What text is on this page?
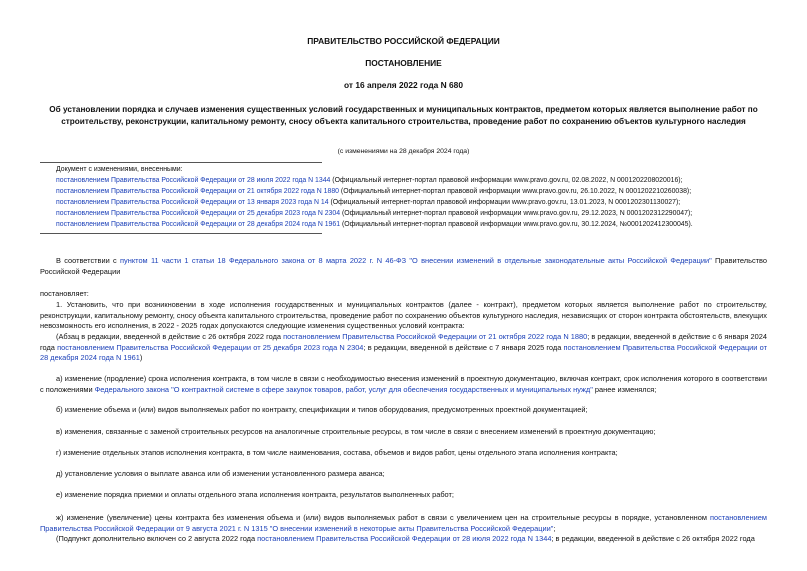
ПРАВИТЕЛЬСТВО РОССИЙСКОЙ ФЕДЕРАЦИИ
ПОСТАНОВЛЕНИЕ
от 16 апреля 2022 года N 680
Об установлении порядка и случаев изменения существенных условий государственных и муниципальных контрактов, предметом которых является выполнение работ по строительству, реконструкции, капитальному ремонту, сносу объекта капитального строительства, проведение работ по сохранению объектов культурного наследия
(с изменениями на 28 декабря 2024 года)
Документ с изменениями, внесенными:
постановлением Правительства Российской Федерации от 28 июля 2022 года N 1344 (Официальный интернет-портал правовой информации www.pravo.gov.ru, 02.08.2022, N 0001202208020016);
постановлением Правительства Российской Федерации от 21 октября 2022 года N 1880 (Официальный интернет-портал правовой информации www.pravo.gov.ru, 26.10.2022, N 0001202210260038);
постановлением Правительства Российской Федерации от 13 января 2023 года N 14 (Официальный интернет-портал правовой информации www.pravo.gov.ru, 13.01.2023, N 0001202301130027);
постановлением Правительства Российской Федерации от 25 декабря 2023 года N 2304 (Официальный интернет-портал правовой информации www.pravo.gov.ru, 29.12.2023, N 0001202312290047);
постановлением Правительства Российской Федерации от 28 декабря 2024 года N 1961 (Официальный интернет-портал правовой информации www.pravo.gov.ru, 30.12.2024, №0001202412300045).
В соответствии с пунктом 11 части 1 статьи 18 Федерального закона от 8 марта 2022 г. N 46-ФЗ "О внесении изменений в отдельные законодательные акты Российской Федерации" Правительство Российской Федерации
постановляет:
1. Установить, что при возникновении в ходе исполнения государственных и муниципальных контрактов (далее - контракт), предметом которых является выполнение работ по строительству, реконструкции, капитальному ремонту, сносу объекта капитального строительства, проведение работ по сохранению объектов культурного наследия, независящих от сторон контракта обстоятельств, влекущих невозможность его исполнения, в 2022 - 2025 годах допускаются следующие изменения существенных условий контракта:
(Абзац в редакции, введенной в действие с 26 октября 2022 года постановлением Правительства Российской Федерации от 21 октября 2022 года N 1880; в редакции, введенной в действие с 6 января 2024 года постановлением Правительства Российской Федерации от 25 декабря 2023 года N 2304; в редакции, введенной в действие с 7 января 2025 года постановлением Правительства Российской Федерации от 28 декабря 2024 года N 1961)
а) изменение (продление) срока исполнения контракта, в том числе в связи с необходимостью внесения изменений в проектную документацию, включая контракт, срок исполнения которого в соответствии с положениями Федерального закона "О контрактной системе в сфере закупок товаров, работ, услуг для обеспечения государственных и муниципальных нужд" ранее изменялся;
б) изменение объема и (или) видов выполняемых работ по контракту, спецификации и типов оборудования, предусмотренных проектной документацией;
в) изменения, связанные с заменой строительных ресурсов на аналогичные строительные ресурсы, в том числе в связи с внесением изменений в проектную документацию;
г) изменение отдельных этапов исполнения контракта, в том числе наименования, состава, объемов и видов работ, цены отдельного этапа исполнения контракта;
д) установление условия о выплате аванса или об изменении установленного размера аванса;
е) изменение порядка приемки и оплаты отдельного этапа исполнения контракта, результатов выполненных работ;
ж) изменение (увеличение) цены контракта без изменения объема и (или) видов выполняемых работ в связи с увеличением цен на строительные ресурсы в порядке, установленном постановлением Правительства Российской Федерации от 9 августа 2021 г. N 1315 "О внесении изменений в некоторые акты Правительства Российской Федерации";
(Подпункт дополнительно включен со 2 августа 2022 года постановлением Правительства Российской Федерации от 28 июля 2022 года N 1344; в редакции, введенной в действие с 26 октября 2022 года
